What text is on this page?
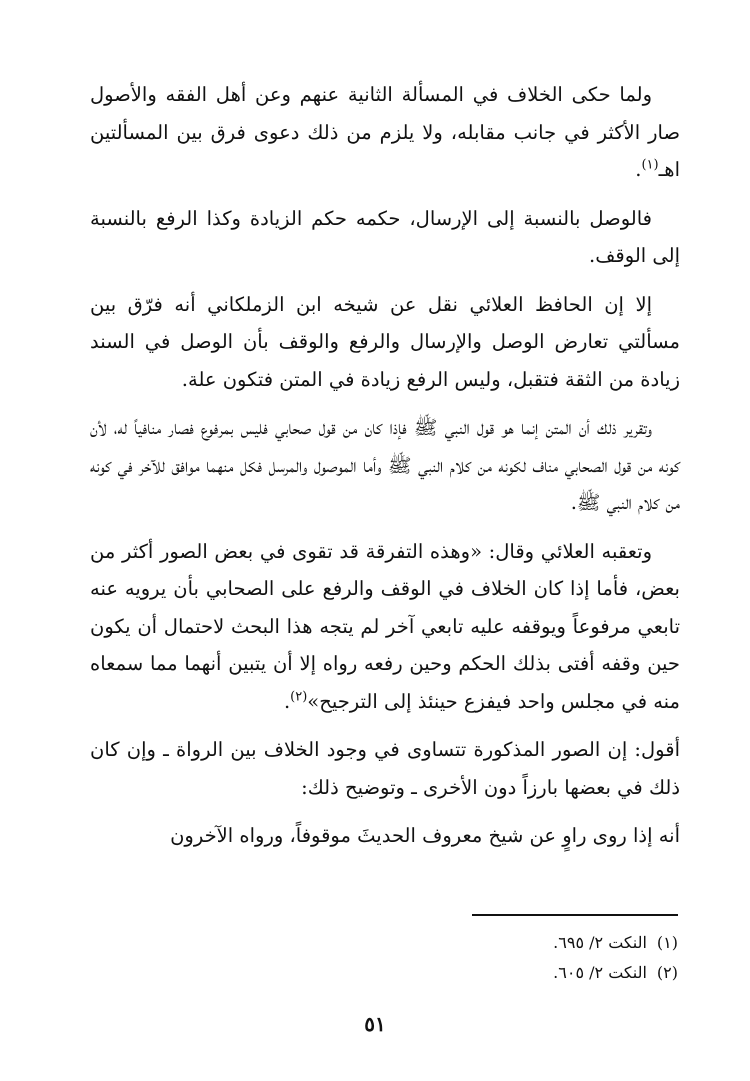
ولما حكى الخلاف في المسألة الثانية عنهم وعن أهل الفقه والأصول صار الأكثر في جانب مقابله، ولا يلزم من ذلك دعوى فرق بين المسألتين اهـ$^{(١)}$.

فالوصل بالنسبة إلى الإرسال، حكمه حكم الزيادة وكذا الرفع بالنسبة إلى الوقف.

إلا إن الحافظ العلائي نقل عن شيخه ابن الزملكاني أنه فرّق بين مسألتي تعارض الوصل والإرسال والرفع والوقف بأن الوصل في السند زيادة من الثقة فتقبل، وليس الرفع زيادة في المتن فتكون علة.

وتقرير ذلك أن المتن إنما هو قول النبي ﷺ فإذا كان من قول صحابي فليس بمرفوع فصار منافياً له، لأن كونه من قول الصحابي مناف لكونه من كلام النبي ﷺ وأما الموصول والمرسل فكل منهما موافق للآخر في كونه من كلام النبي ﷺ.

وتعقبه العلائي وقال: «وهذه التفرقة قد تقوى في بعض الصور أكثر من بعض، فأما إذا كان الخلاف في الوقف والرفع على الصحابي بأن يرويه عنه تابعي مرفوعاً ويوقفه عليه تابعي آخر لم يتجه هذا البحث لاحتمال أن يكون حين وقفه أفتى بذلك الحكم وحين رفعه رواه إلا أن يتبين أنهما مما سمعاه منه في مجلس واحد فيفزع حينئذ إلى الترجيح»$^{(٢)}$.

أقول: إن الصور المذكورة تتساوى في وجود الخلاف بين الرواة ـ وإن كان ذلك في بعضها بارزاً دون الأخرى ـ وتوضيح ذلك:

أنه إذا روى راوٍ عن شيخ معروف الحديثَ موقوفاً، ورواه الآخرون

(١)النكت ٢/ ٦٩٥.
(٢)النكت ٢/ ٦٠٥.
٥١
